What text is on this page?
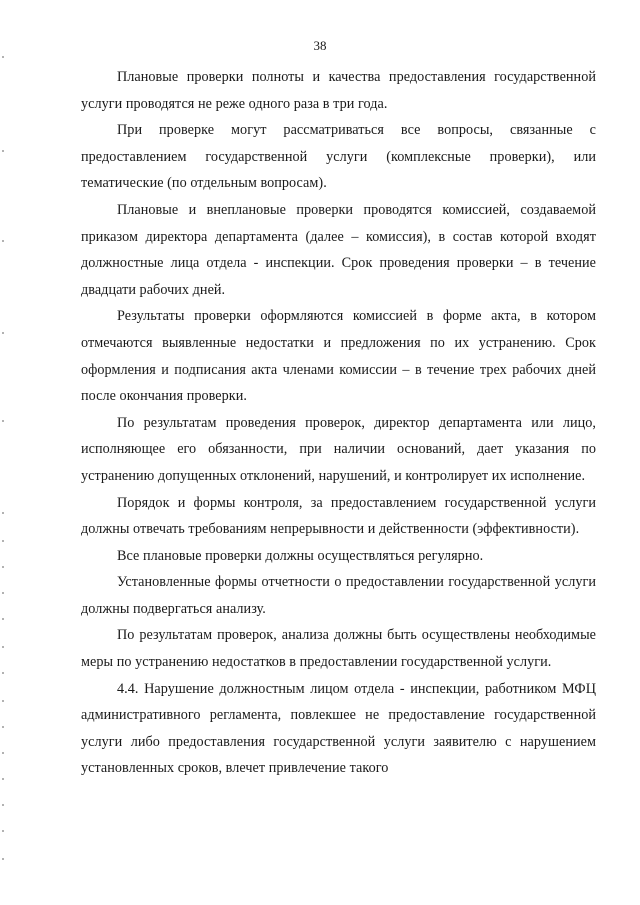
38

Плановые проверки полноты и качества предоставления государственной услуги проводятся не реже одного раза в три года.

При проверке могут рассматриваться все вопросы, связанные с предоставлением государственной услуги (комплексные проверки), или тематические (по отдельным вопросам).

Плановые и внеплановые проверки проводятся комиссией, создаваемой приказом директора департамента (далее – комиссия), в состав которой входят должностные лица отдела - инспекции. Срок проведения проверки – в течение двадцати рабочих дней.

Результаты проверки оформляются комиссией в форме акта, в котором отмечаются выявленные недостатки и предложения по их устранению. Срок оформления и подписания акта членами комиссии – в течение трех рабочих дней после окончания проверки.

По результатам проведения проверок, директор департамента или лицо, исполняющее его обязанности, при наличии оснований, дает указания по устранению допущенных отклонений, нарушений, и контролирует их исполнение.

Порядок и формы контроля, за предоставлением государственной услуги должны отвечать требованиям непрерывности и действенности (эффективности).

Все плановые проверки должны осуществляться регулярно.

Установленные формы отчетности о предоставлении государственной услуги должны подвергаться анализу.

По результатам проверок, анализа должны быть осуществлены необходимые меры по устранению недостатков в предоставлении государственной услуги.

4.4. Нарушение должностным лицом отдела - инспекции, работником МФЦ административного регламента, повлекшее не предоставление государственной услуги либо предоставления государственной услуги заявителю с нарушением установленных сроков, влечет привлечение такого
